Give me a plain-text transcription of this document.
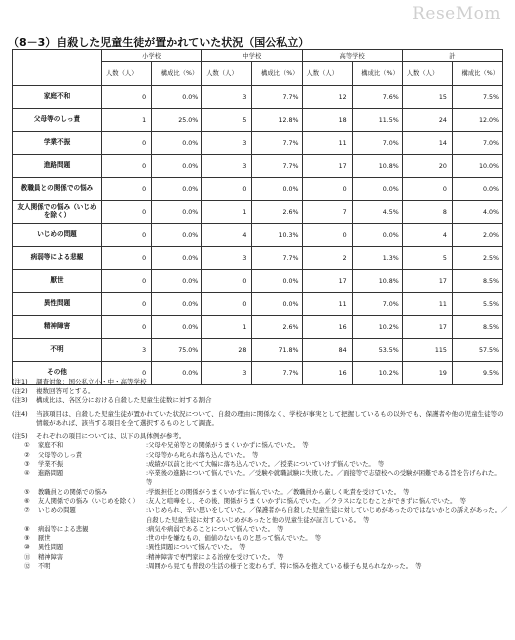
ReseMom
（8－3）自殺した児童生徒が置かれていた状況（国公私立）
	小学校		中学校		高等学校		計	
	人数（人）	構成比（%）	人数（人）	構成比（%）	人数（人）	構成比（%）	人数（人）	構成比（%）
家庭不和	0	0.0%	3	7.7%	12	7.6%	15	7.5%
父母等のしっ責	1	25.0%	5	12.8%	18	11.5%	24	12.0%
学業不振	0	0.0%	3	7.7%	11	7.0%	14	7.0%
進路問題	0	0.0%	3	7.7%	17	10.8%	20	10.0%
教職員との関係での悩み	0	0.0%	0	0.0%	0	0.0%	0	0.0%
友人関係での悩み（いじめを除く）	0	0.0%	1	2.6%	7	4.5%	8	4.0%
いじめの問題	0	0.0%	4	10.3%	0	0.0%	4	2.0%
病弱等による悲観	0	0.0%	3	7.7%	2	1.3%	5	2.5%
厭世	0	0.0%	0	0.0%	17	10.8%	17	8.5%
異性問題	0	0.0%	0	0.0%	11	7.0%	11	5.5%
精神障害	0	0.0%	1	2.6%	16	10.2%	17	8.5%
不明	3	75.0%	28	71.8%	84	53.5%	115	57.5%
その他	0	0.0%	3	7.7%	16	10.2%	19	9.5%
(注1)	調査対象：国公私立小・中・高等学校
(注2)	複数回答可とする。
(注3)	構成比は、各区分における自殺した児童生徒数に対する割合
(注4)	当該項目は、自殺した児童生徒が置かれていた状況について、自殺の理由に関係なく、学校が事実として把握しているもの以外でも、保護者や他の児童生徒等の情報があれば、該当する項目を全て選択するものとして調査。
(注5)	それぞれの項目については、以下の具体例が参考。
①	家庭不和	: 父母や兄弟等との関係がうまくいかずに悩んでいた。　等
②	父母等のしっ責	: 父母等から叱られ落ち込んでいた。　等
③	学業不振	: 成績が以前と比べて大幅に落ち込んでいた。／授業についていけず悩んでいた。　等
④	進路問題	: 卒業後の進路について悩んでいた。／受験や就職試験に失敗した。／面接等で志望校への受験が困難である旨を告げられた。　等
⑤	教職員との関係での悩み	: 学級担任との関係がうまくいかずに悩んでいた。／教職員から厳しく叱責を受けていた。　等
⑥	友人関係での悩み（いじめを除く）	: 友人と喧嘩をし、その後、関係がうまくいかずに悩んでいた。／クラスになじむことができずに悩んでいた。　等
⑦	いじめの問題	: いじめられ、辛い思いをしていた。／保護者から自殺した児童生徒に対していじめがあったのではないかとの訴えがあった。／自殺した児童生徒に対するいじめがあったと他の児童生徒が証言している。　等
⑧	病弱等による悲観	: 病気や病弱であることについて悩んでいた。　等
⑨	厭世	: 世の中を嫌なもの、価値のないものと思って悩んでいた。　等
⑩	異性問題	: 異性問題について悩んでいた。　等
⑪	精神障害	: 精神障害で専門家による治療を受けていた。　等
⑫	不明	: 周囲から見ても普段の生活の様子と変わらず、特に悩みを抱えている様子も見られなかった。　等
